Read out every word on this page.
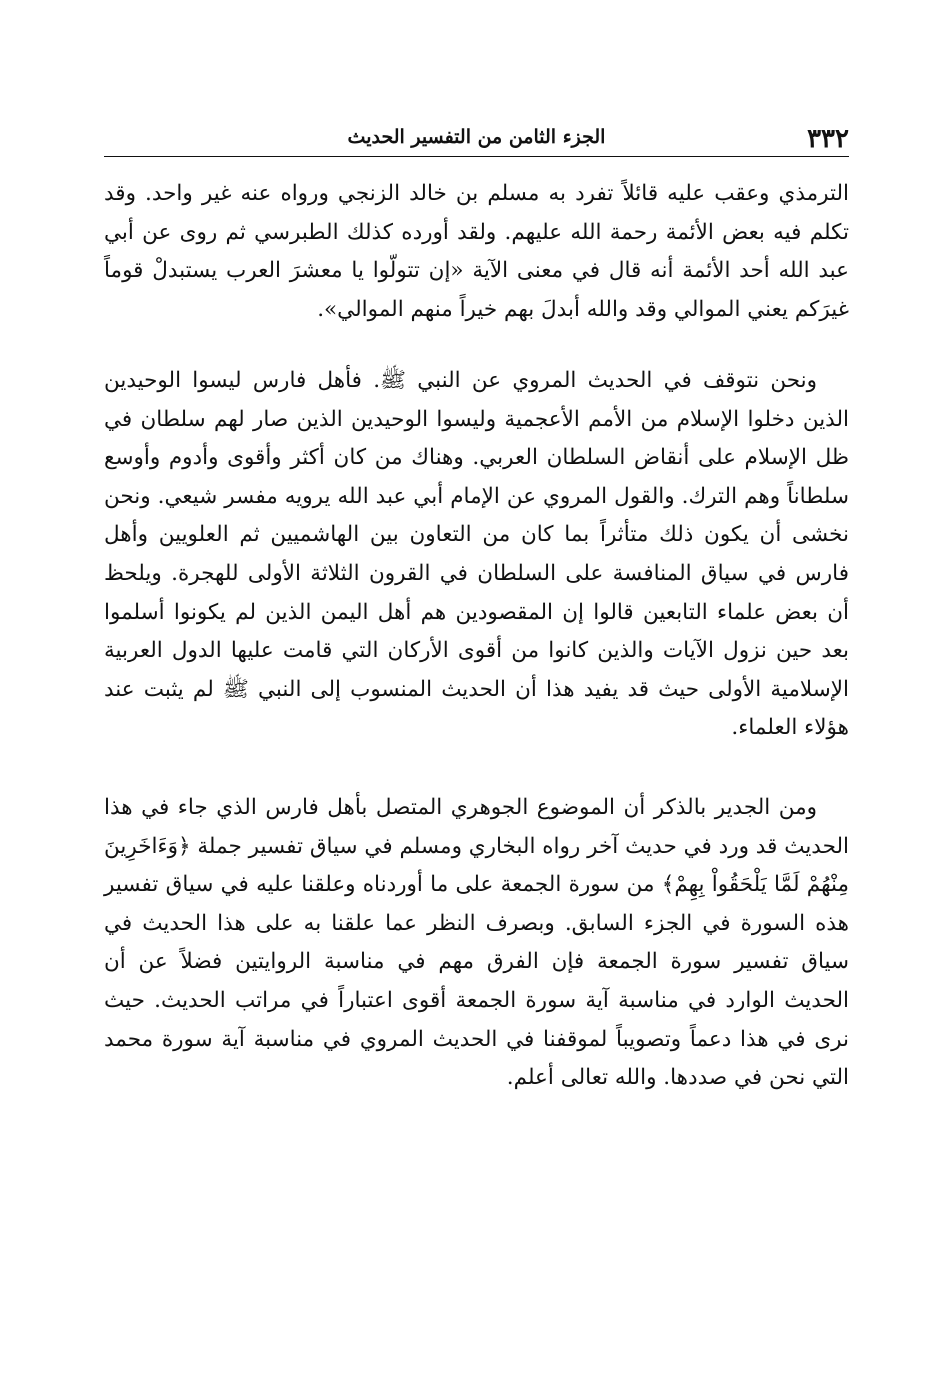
٣٣٢
الجزء الثامن من التفسير الحديث

الترمذي وعقب عليه قائلاً تفرد به مسلم بن خالد الزنجي ورواه عنه غير واحد. وقد تكلم فيه بعض الأئمة رحمة الله عليهم. ولقد أورده كذلك الطبرسي ثم روى عن أبي عبد الله أحد الأئمة أنه قال في معنى الآية «إن تتولّوا يا معشرَ العرب يستبدلْ قوماً غيرَكم يعني الموالي وقد والله أبدلَ بهم خيراً منهم الموالي».

ونحن نتوقف في الحديث المروي عن النبي ﷺ. فأهل فارس ليسوا الوحيدين الذين دخلوا الإسلام من الأمم الأعجمية وليسوا الوحيدين الذين صار لهم سلطان في ظل الإسلام على أنقاض السلطان العربي. وهناك من كان أكثر وأقوى وأدوم وأوسع سلطاناً وهم الترك. والقول المروي عن الإمام أبي عبد الله يرويه مفسر شيعي. ونحن نخشى أن يكون ذلك متأثراً بما كان من التعاون بين الهاشميين ثم العلويين وأهل فارس في سياق المنافسة على السلطان في القرون الثلاثة الأولى للهجرة. ويلحظ أن بعض علماء التابعين قالوا إن المقصودين هم أهل اليمن الذين لم يكونوا أسلموا بعد حين نزول الآيات والذين كانوا من أقوى الأركان التي قامت عليها الدول العربية الإسلامية الأولى حيث قد يفيد هذا أن الحديث المنسوب إلى النبي ﷺ لم يثبت عند هؤلاء العلماء.

ومن الجدير بالذكر أن الموضوع الجوهري المتصل بأهل فارس الذي جاء في هذا الحديث قد ورد في حديث آخر رواه البخاري ومسلم في سياق تفسير جملة ﴿وَءَاخَرِينَ مِنْهُمْ لَمَّا يَلْحَقُواْ بِهِمْ﴾ من سورة الجمعة على ما أوردناه وعلقنا عليه في سياق تفسير هذه السورة في الجزء السابق. وبصرف النظر عما علقنا به على هذا الحديث في سياق تفسير سورة الجمعة فإن الفرق مهم في مناسبة الروايتين فضلاً عن أن الحديث الوارد في مناسبة آية سورة الجمعة أقوى اعتباراً في مراتب الحديث. حيث نرى في هذا دعماً وتصويباً لموقفنا في الحديث المروي في مناسبة آية سورة محمد التي نحن في صددها. والله تعالى أعلم.
